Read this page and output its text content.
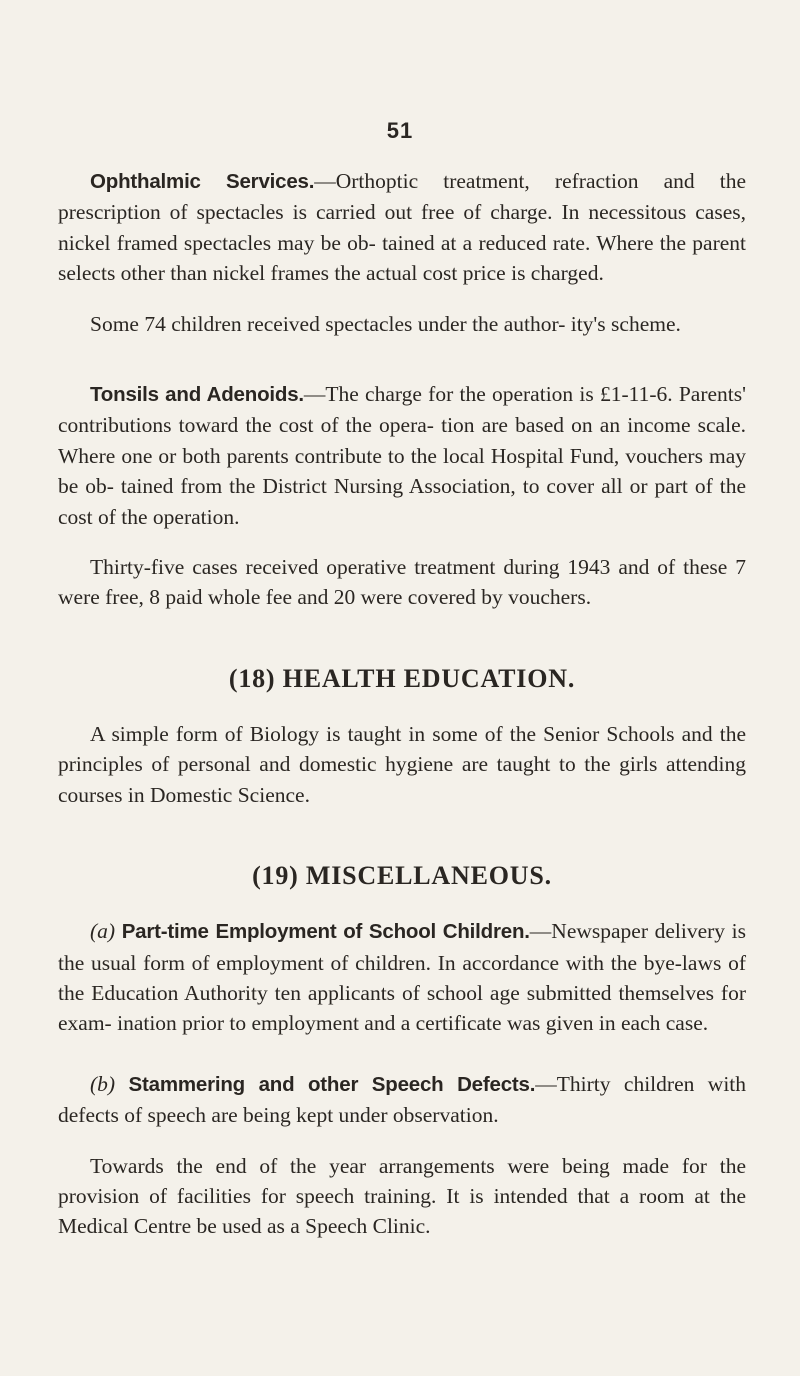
51

Ophthalmic Services.—Orthoptic treatment, refraction and the prescription of spectacles is carried out free of charge. In necessitous cases, nickel framed spectacles may be ob- tained at a reduced rate. Where the parent selects other than nickel frames the actual cost price is charged.

Some 74 children received spectacles under the author- ity's scheme.

Tonsils and Adenoids.—The charge for the operation is £1-11-6. Parents' contributions toward the cost of the opera- tion are based on an income scale. Where one or both parents contribute to the local Hospital Fund, vouchers may be ob- tained from the District Nursing Association, to cover all or part of the cost of the operation.

Thirty-five cases received operative treatment during 1943 and of these 7 were free, 8 paid whole fee and 20 were covered by vouchers.

(18) HEALTH EDUCATION.

A simple form of Biology is taught in some of the Senior Schools and the principles of personal and domestic hygiene are taught to the girls attending courses in Domestic Science.

(19) MISCELLANEOUS.

(a) Part-time Employment of School Children.—Newspaper delivery is the usual form of employment of children. In accordance with the bye-laws of the Education Authority ten applicants of school age submitted themselves for exam- ination prior to employment and a certificate was given in each case.

(b) Stammering and other Speech Defects.—Thirty children with defects of speech are being kept under observation.

Towards the end of the year arrangements were being made for the provision of facilities for speech training. It is intended that a room at the Medical Centre be used as a Speech Clinic.
